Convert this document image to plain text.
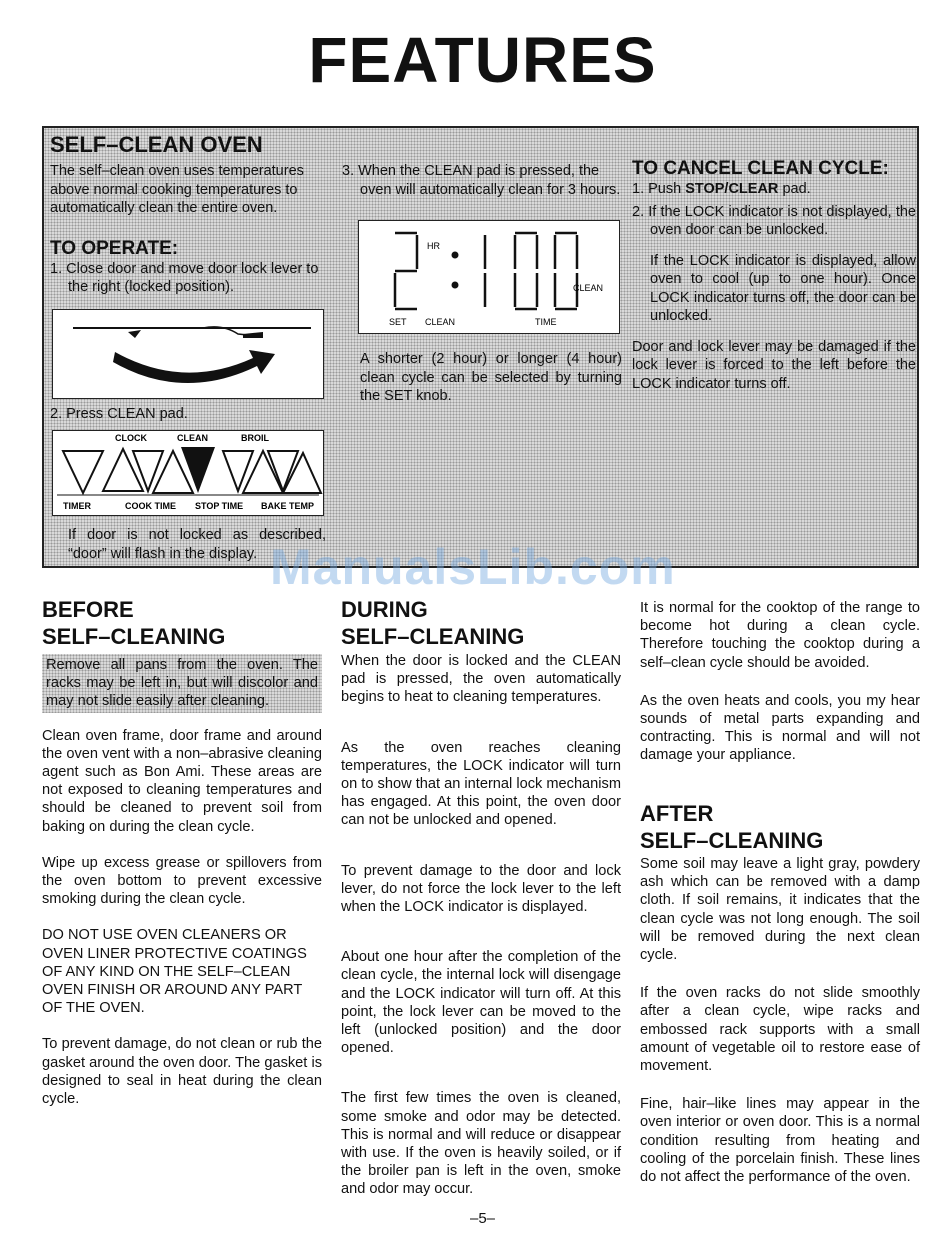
FEATURES
SELF–CLEAN OVEN

The self–clean oven uses temperatures above normal cooking temperatures to automatically clean the entire oven.

TO OPERATE:

1. Close door and move door lock lever to the right (locked position).

2. Press CLEAN pad.

CLOCK	CLEAN	BROIL
TIMER	COOK TIME STOP TIME BAKE TEMP

If door is not locked as described, “door” will flash in the display.

3. When the CLEAN pad is pressed, the oven will automatically clean for 3 hours.

HR
CLEAN
SET CLEAN	TIME

A shorter (2 hour) or longer (4 hour) clean cycle can be selected by turning the SET knob.

TO CANCEL CLEAN CYCLE:

1. Push STOP/CLEAR pad.

2. If the LOCK indicator is not displayed, the oven door can be unlocked.

If the LOCK indicator is displayed, allow oven to cool (up to one hour). Once LOCK indicator turns off, the door can be unlocked.

Door and lock lever may be damaged if the lock lever is forced to the left before the LOCK indicator turns off.

BEFORE
SELF–CLEANING

Remove all pans from the oven. The racks may be left in, but will discolor and may not slide easily after cleaning.

Clean oven frame, door frame and around the oven vent with a non–abrasive cleaning agent such as Bon Ami. These areas are not exposed to cleaning temperatures and should be cleaned to prevent soil from baking on during the clean cycle.

Wipe up excess grease or spillovers from the oven bottom to prevent excessive smoking during the clean cycle.

DO NOT USE OVEN CLEANERS OR OVEN LINER PROTECTIVE COATINGS OF ANY KIND ON THE SELF–CLEAN OVEN FINISH OR AROUND ANY PART OF THE OVEN.

To prevent damage, do not clean or rub the gasket around the oven door. The gasket is designed to seal in heat during the clean cycle.

DURING
SELF–CLEANING

When the door is locked and the CLEAN pad is pressed, the oven automatically begins to heat to cleaning temperatures.

As the oven reaches cleaning temperatures, the LOCK indicator will turn on to show that an internal lock mechanism has engaged. At this point, the oven door can not be unlocked and opened.

To prevent damage to the door and lock lever, do not force the lock lever to the left when the LOCK indicator is displayed.

About one hour after the completion of the clean cycle, the internal lock will disengage and the LOCK indicator will turn off. At this point, the lock lever can be moved to the left (unlocked position) and the door opened.

The first few times the oven is cleaned, some smoke and odor may be detected. This is normal and will reduce or disappear with use. If the oven is heavily soiled, or if the broiler pan is left in the oven, smoke and odor may occur.

It is normal for the cooktop of the range to become hot during a clean cycle. Therefore touching the cooktop during a self–clean cycle should be avoided.

As the oven heats and cools, you my hear sounds of metal parts expanding and contracting. This is normal and will not damage your appliance.

AFTER
SELF–CLEANING

Some soil may leave a light gray, powdery ash which can be removed with a damp cloth. If soil remains, it indicates that the clean cycle was not long enough. The soil will be removed during the next clean cycle.

If the oven racks do not slide smoothly after a clean cycle, wipe racks and embossed rack supports with a small amount of vegetable oil to restore ease of movement.

Fine, hair–like lines may appear in the oven interior or oven door. This is a normal condition resulting from heating and cooling of the porcelain finish. These lines do not affect the performance of the oven.

ManualsLib.com
–5–
